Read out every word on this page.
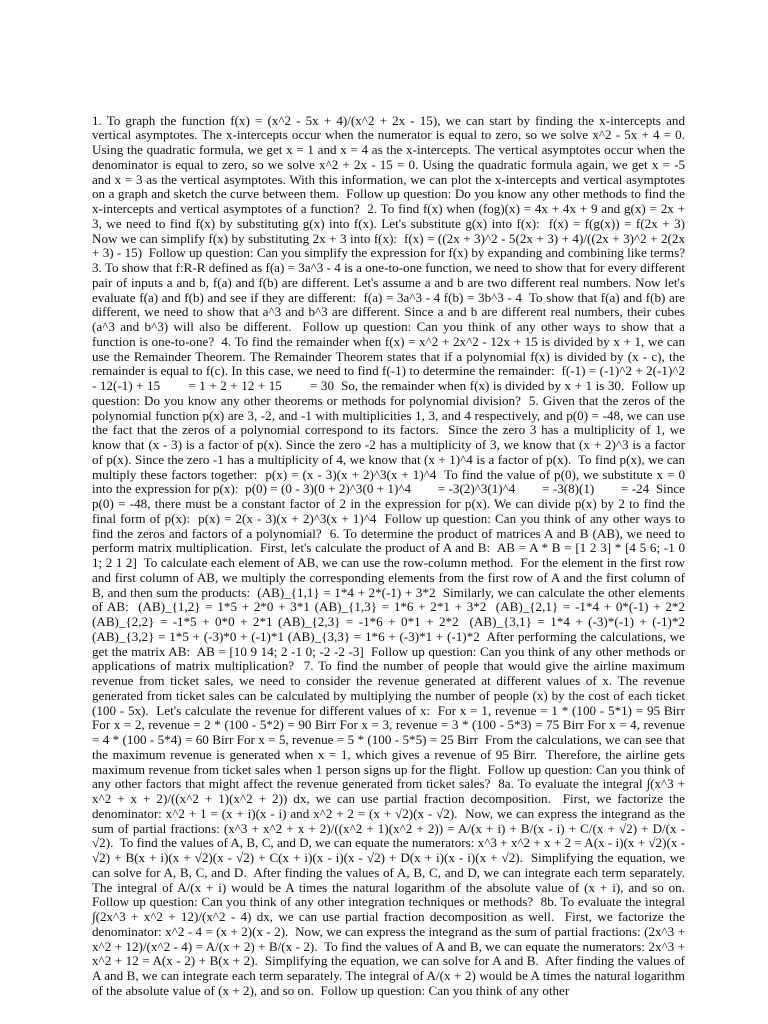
1. To graph the function f(x) = (x^2 - 5x + 4)/(x^2 + 2x - 15), we can start by finding the x-intercepts and vertical asymptotes. The x-intercepts occur when the numerator is equal to zero, so we solve x^2 - 5x + 4 = 0. Using the quadratic formula, we get x = 1 and x = 4 as the x-intercepts. The vertical asymptotes occur when the denominator is equal to zero, so we solve x^2 + 2x - 15 = 0. Using the quadratic formula again, we get x = -5 and x = 3 as the vertical asymptotes. With this information, we can plot the x-intercepts and vertical asymptotes on a graph and sketch the curve between them.  Follow up question: Do you know any other methods to find the x-intercepts and vertical asymptotes of a function?  2. To find f(x) when (fog)(x) = 4x + 4x + 9 and g(x) = 2x + 3, we need to find f(x) by substituting g(x) into f(x). Let's substitute g(x) into f(x):  f(x) = f(g(x)) = f(2x + 3) Now we can simplify f(x) by substituting 2x + 3 into f(x):  f(x) = ((2x + 3)^2 - 5(2x + 3) + 4)/((2x + 3)^2 + 2(2x + 3) - 15)  Follow up question: Can you simplify the expression for f(x) by expanding and combining like terms?  3. To show that f:R-R defined as f(a) = 3a^3 - 4 is a one-to-one function, we need to show that for every different pair of inputs a and b, f(a) and f(b) are different. Let's assume a and b are two different real numbers. Now let's evaluate f(a) and f(b) and see if they are different:  f(a) = 3a^3 - 4 f(b) = 3b^3 - 4  To show that f(a) and f(b) are different, we need to show that a^3 and b^3 are different. Since a and b are different real numbers, their cubes (a^3 and b^3) will also be different.  Follow up question: Can you think of any other ways to show that a function is one-to-one?  4. To find the remainder when f(x) = x^2 + 2x^2 - 12x + 15 is divided by x + 1, we can use the Remainder Theorem. The Remainder Theorem states that if a polynomial f(x) is divided by (x - c), the remainder is equal to f(c). In this case, we need to find f(-1) to determine the remainder:  f(-1) = (-1)^2 + 2(-1)^2 - 12(-1) + 15        = 1 + 2 + 12 + 15        = 30  So, the remainder when f(x) is divided by x + 1 is 30.  Follow up question: Do you know any other theorems or methods for polynomial division?  5. Given that the zeros of the polynomial function p(x) are 3, -2, and -1 with multiplicities 1, 3, and 4 respectively, and p(0) = -48, we can use the fact that the zeros of a polynomial correspond to its factors.  Since the zero 3 has a multiplicity of 1, we know that (x - 3) is a factor of p(x). Since the zero -2 has a multiplicity of 3, we know that (x + 2)^3 is a factor of p(x). Since the zero -1 has a multiplicity of 4, we know that (x + 1)^4 is a factor of p(x).  To find p(x), we can multiply these factors together:  p(x) = (x - 3)(x + 2)^3(x + 1)^4  To find the value of p(0), we substitute x = 0 into the expression for p(x):  p(0) = (0 - 3)(0 + 2)^3(0 + 1)^4        = -3(2)^3(1)^4        = -3(8)(1)        = -24  Since p(0) = -48, there must be a constant factor of 2 in the expression for p(x). We can divide p(x) by 2 to find the final form of p(x):  p(x) = 2(x - 3)(x + 2)^3(x + 1)^4  Follow up question: Can you think of any other ways to find the zeros and factors of a polynomial?  6. To determine the product of matrices A and B (AB), we need to perform matrix multiplication.  First, let's calculate the product of A and B:  AB = A * B = [1 2 3] * [4 5 6; -1 0 1; 2 1 2]  To calculate each element of AB, we can use the row-column method.  For the element in the first row and first column of AB, we multiply the corresponding elements from the first row of A and the first column of B, and then sum the products:  (AB)_{1,1} = 1*4 + 2*(-1) + 3*2  Similarly, we can calculate the other elements of AB:  (AB)_{1,2} = 1*5 + 2*0 + 3*1 (AB)_{1,3} = 1*6 + 2*1 + 3*2  (AB)_{2,1} = -1*4 + 0*(-1) + 2*2 (AB)_{2,2} = -1*5 + 0*0 + 2*1 (AB)_{2,3} = -1*6 + 0*1 + 2*2  (AB)_{3,1} = 1*4 + (-3)*(-1) + (-1)*2 (AB)_{3,2} = 1*5 + (-3)*0 + (-1)*1 (AB)_{3,3} = 1*6 + (-3)*1 + (-1)*2  After performing the calculations, we get the matrix AB:  AB = [10 9 14; 2 -1 0; -2 -2 -3]  Follow up question: Can you think of any other methods or applications of matrix multiplication?  7. To find the number of people that would give the airline maximum revenue from ticket sales, we need to consider the revenue generated at different values of x. The revenue generated from ticket sales can be calculated by multiplying the number of people (x) by the cost of each ticket (100 - 5x).  Let's calculate the revenue for different values of x:  For x = 1, revenue = 1 * (100 - 5*1) = 95 Birr For x = 2, revenue = 2 * (100 - 5*2) = 90 Birr For x = 3, revenue = 3 * (100 - 5*3) = 75 Birr For x = 4, revenue = 4 * (100 - 5*4) = 60 Birr For x = 5, revenue = 5 * (100 - 5*5) = 25 Birr  From the calculations, we can see that the maximum revenue is generated when x = 1, which gives a revenue of 95 Birr.  Therefore, the airline gets maximum revenue from ticket sales when 1 person signs up for the flight.  Follow up question: Can you think of any other factors that might affect the revenue generated from ticket sales?  8a. To evaluate the integral ∫(x^3 + x^2 + x + 2)/((x^2 + 1)(x^2 + 2)) dx, we can use partial fraction decomposition.  First, we factorize the denominator: x^2 + 1 = (x + i)(x - i) and x^2 + 2 = (x + √2)(x - √2).  Now, we can express the integrand as the sum of partial fractions: (x^3 + x^2 + x + 2)/((x^2 + 1)(x^2 + 2)) = A/(x + i) + B/(x - i) + C/(x + √2) + D/(x - √2).  To find the values of A, B, C, and D, we can equate the numerators: x^3 + x^2 + x + 2 = A(x - i)(x + √2)(x - √2) + B(x + i)(x + √2)(x - √2) + C(x + i)(x - i)(x - √2) + D(x + i)(x - i)(x + √2).  Simplifying the equation, we can solve for A, B, C, and D.  After finding the values of A, B, C, and D, we can integrate each term separately. The integral of A/(x + i) would be A times the natural logarithm of the absolute value of (x + i), and so on.  Follow up question: Can you think of any other integration techniques or methods?  8b. To evaluate the integral ∫(2x^3 + x^2 + 12)/(x^2 - 4) dx, we can use partial fraction decomposition as well.  First, we factorize the denominator: x^2 - 4 = (x + 2)(x - 2).  Now, we can express the integrand as the sum of partial fractions: (2x^3 + x^2 + 12)/(x^2 - 4) = A/(x + 2) + B/(x - 2).  To find the values of A and B, we can equate the numerators: 2x^3 + x^2 + 12 = A(x - 2) + B(x + 2).  Simplifying the equation, we can solve for A and B.  After finding the values of A and B, we can integrate each term separately. The integral of A/(x + 2) would be A times the natural logarithm of the absolute value of (x + 2), and so on.  Follow up question: Can you think of any other
